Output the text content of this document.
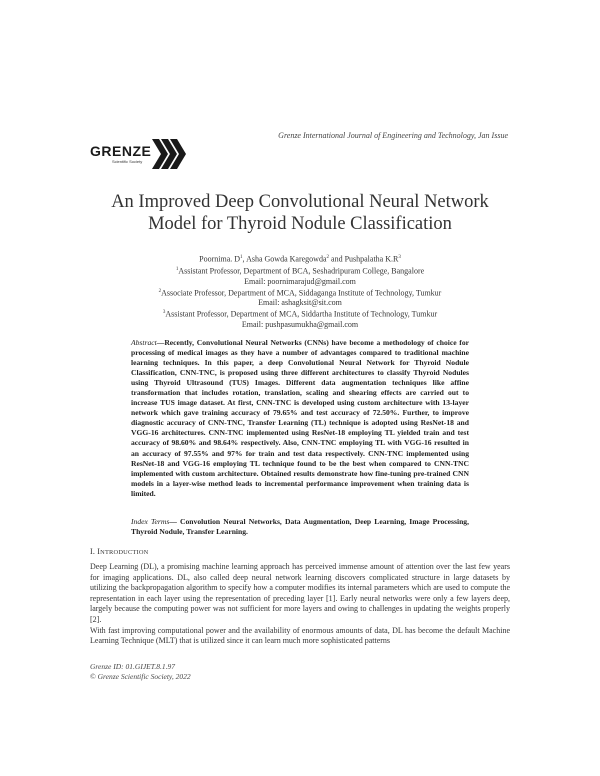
GRENZE
Scientific Society
Grenze International Journal of Engineering and Technology, Jan Issue
An Improved Deep Convolutional Neural Network
Model for Thyroid Nodule Classification
Poornima. $D^1$, Asha Gowda Karegowda$^2$ and Pushpalatha $K.R^3$
$^1$Assistant Professor, Department of BCA, Seshadripuram College, Bangalore
Email: poornimarajud@gmail.com
$^2$Associate Professor, Department of MCA, Siddaganga Institute of Technology, Tumkur
Email: ashagksit@sit.com
$^3$Assistant Professor, Department of MCA, Siddartha Institute of Technology, Tumkur
Email: pushpasumukha@gmail.com
Abstract—Recently, Convolutional Neural Networks (CNNs) have become a methodology of choice for processing of medical images as they have a number of advantages compared to traditional machine learning techniques. In this paper, a deep Convolutional Neural Network for Thyroid Nodule Classification, CNN-TNC, is proposed using three different architectures to classify Thyroid Nodules using Thyroid Ultrasound (TUS) Images. Different data augmentation techniques like affine transformation that includes rotation, translation, scaling and shearing effects are carried out to increase TUS image dataset. At first, CNN-TNC is developed using custom architecture with 13-layer network which gave training accuracy of 79.65% and test accuracy of 72.50%. Further, to improve diagnostic accuracy of CNN-TNC, Transfer Learning (TL) technique is adopted using ResNet-18 and VGG-16 architectures. CNN-TNC implemented using ResNet-18 employing TL yielded train and test accuracy of 98.60% and 98.64% respectively. Also, CNN-TNC employing TL with VGG-16 resulted in an accuracy of 97.55% and 97% for train and test data respectively. CNN-TNC implemented using ResNet-18 and VGG-16 employing TL technique found to be the best when compared to CNN-TNC implemented with custom architecture. Obtained results demonstrate how fine-tuning pre-trained CNN models in a layer-wise method leads to incremental performance improvement when training data is limited.
Index Terms— Convolution Neural Networks, Data Augmentation, Deep Learning, Image Processing, Thyroid Nodule, Transfer Learning.
I. INTRODUCTION

Deep Learning (DL), a promising machine learning approach has perceived immense amount of attention over the last few years for imaging applications. DL, also called deep neural network learning discovers complicated structure in large datasets by utilizing the backpropagation algorithm to specify how a computer modifies its internal parameters which are used to compute the representation in each layer using the representation of preceding layer [1]. Early neural networks were only a few layers deep, largely because the computing power was not sufficient for more layers and owing to challenges in updating the weights properly [2].

With fast improving computational power and the availability of enormous amounts of data, DL has become the default Machine Learning Technique (MLT) that is utilized since it can learn much more sophisticated patterns

Grenze ID: 01.GIJET.8.1.97
© Grenze Scientific Society, 2022
